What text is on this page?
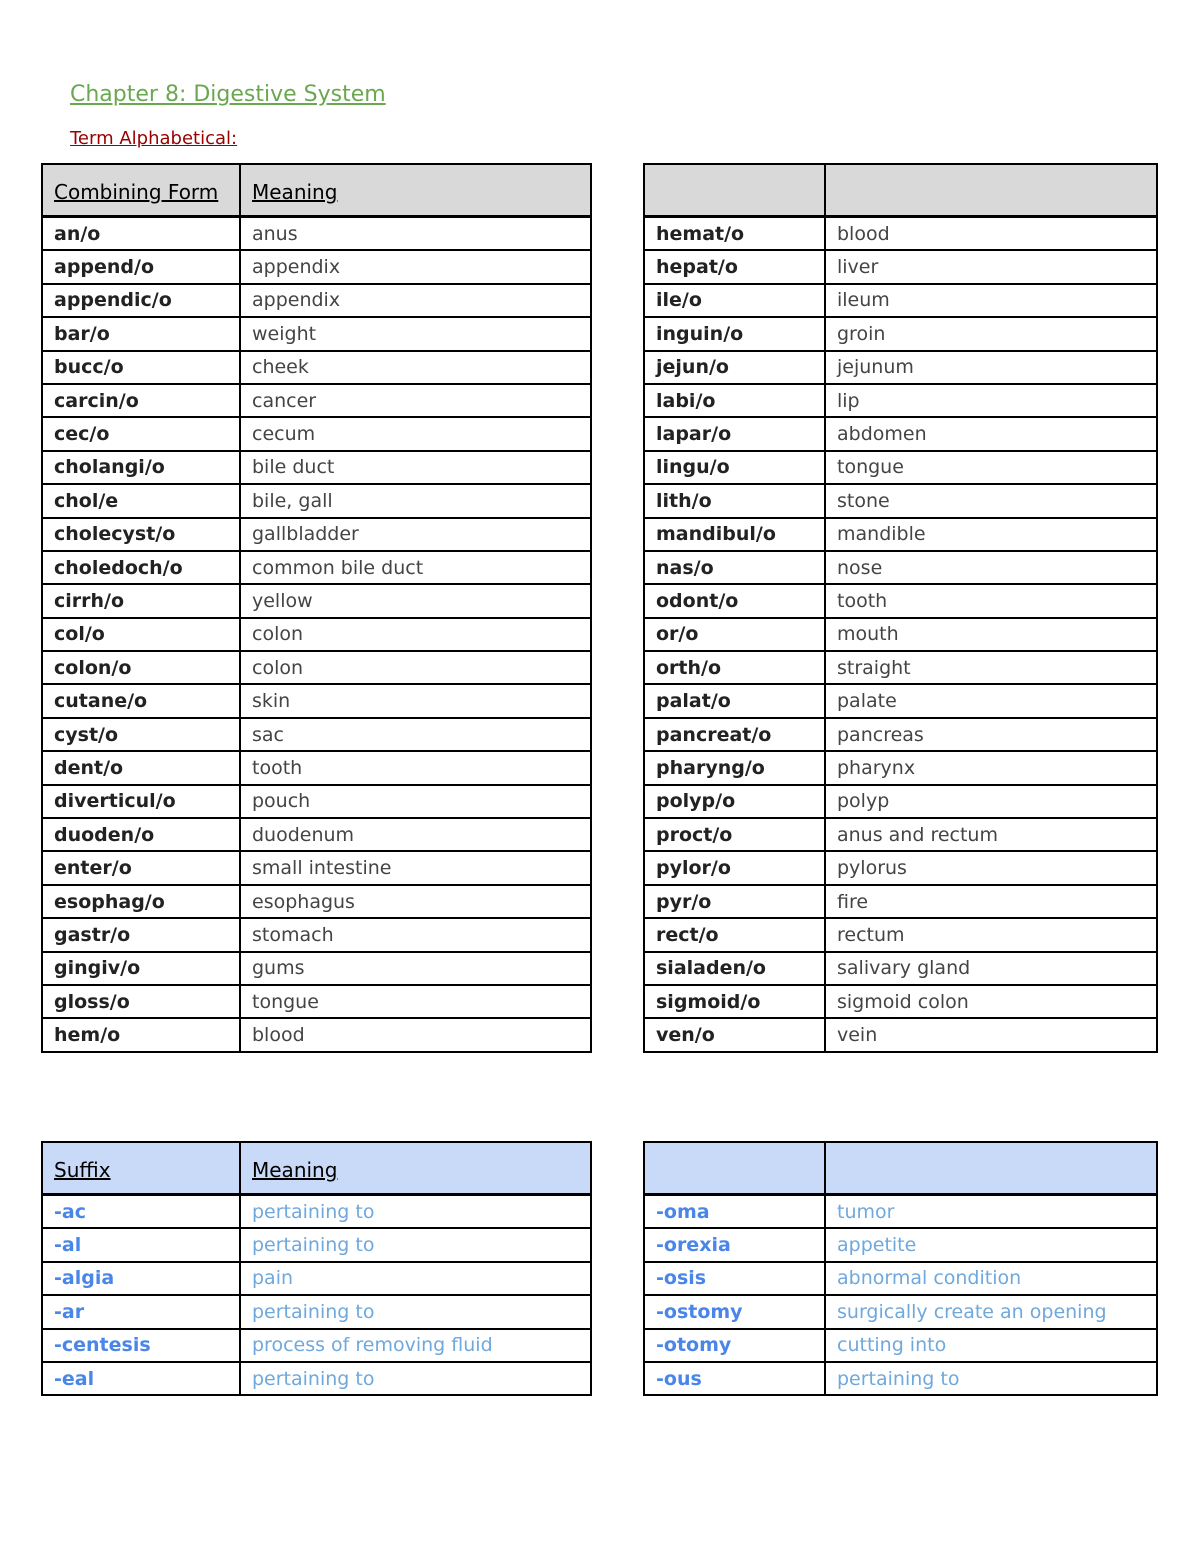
Chapter 8: Digestive System
Term Alphabetical:
Combining Form	Meaning
an/o	anus
append/o	appendix
appendic/o	appendix
bar/o	weight
bucc/o	cheek
carcin/o	cancer
cec/o	cecum
cholangi/o	bile duct
chol/e	bile, gall
cholecyst/o	gallbladder
choledoch/o	common bile duct
cirrh/o	yellow
col/o	colon
colon/o	colon
cutane/o	skin
cyst/o	sac
dent/o	tooth
diverticul/o	pouch
duoden/o	duodenum
enter/o	small intestine
esophag/o	esophagus
gastr/o	stomach
gingiv/o	gums
gloss/o	tongue
hem/o	blood

hemat/o	blood
hepat/o	liver
ile/o	ileum
inguin/o	groin
jejun/o	jejunum
labi/o	lip
lapar/o	abdomen
lingu/o	tongue
lith/o	stone
mandibul/o	mandible
nas/o	nose
odont/o	tooth
or/o	mouth
orth/o	straight
palat/o	palate
pancreat/o	pancreas
pharyng/o	pharynx
polyp/o	polyp
proct/o	anus and rectum
pylor/o	pylorus
pyr/o	fire
rect/o	rectum
sialaden/o	salivary gland
sigmoid/o	sigmoid colon
ven/o	vein
Suffix	Meaning
-ac	pertaining to
-al	pertaining to
-algia	pain
-ar	pertaining to
-centesis	process of removing fluid
-eal	pertaining to

-oma	tumor
-orexia	appetite
-osis	abnormal condition
-ostomy	surgically create an opening
-otomy	cutting into
-ous	pertaining to
